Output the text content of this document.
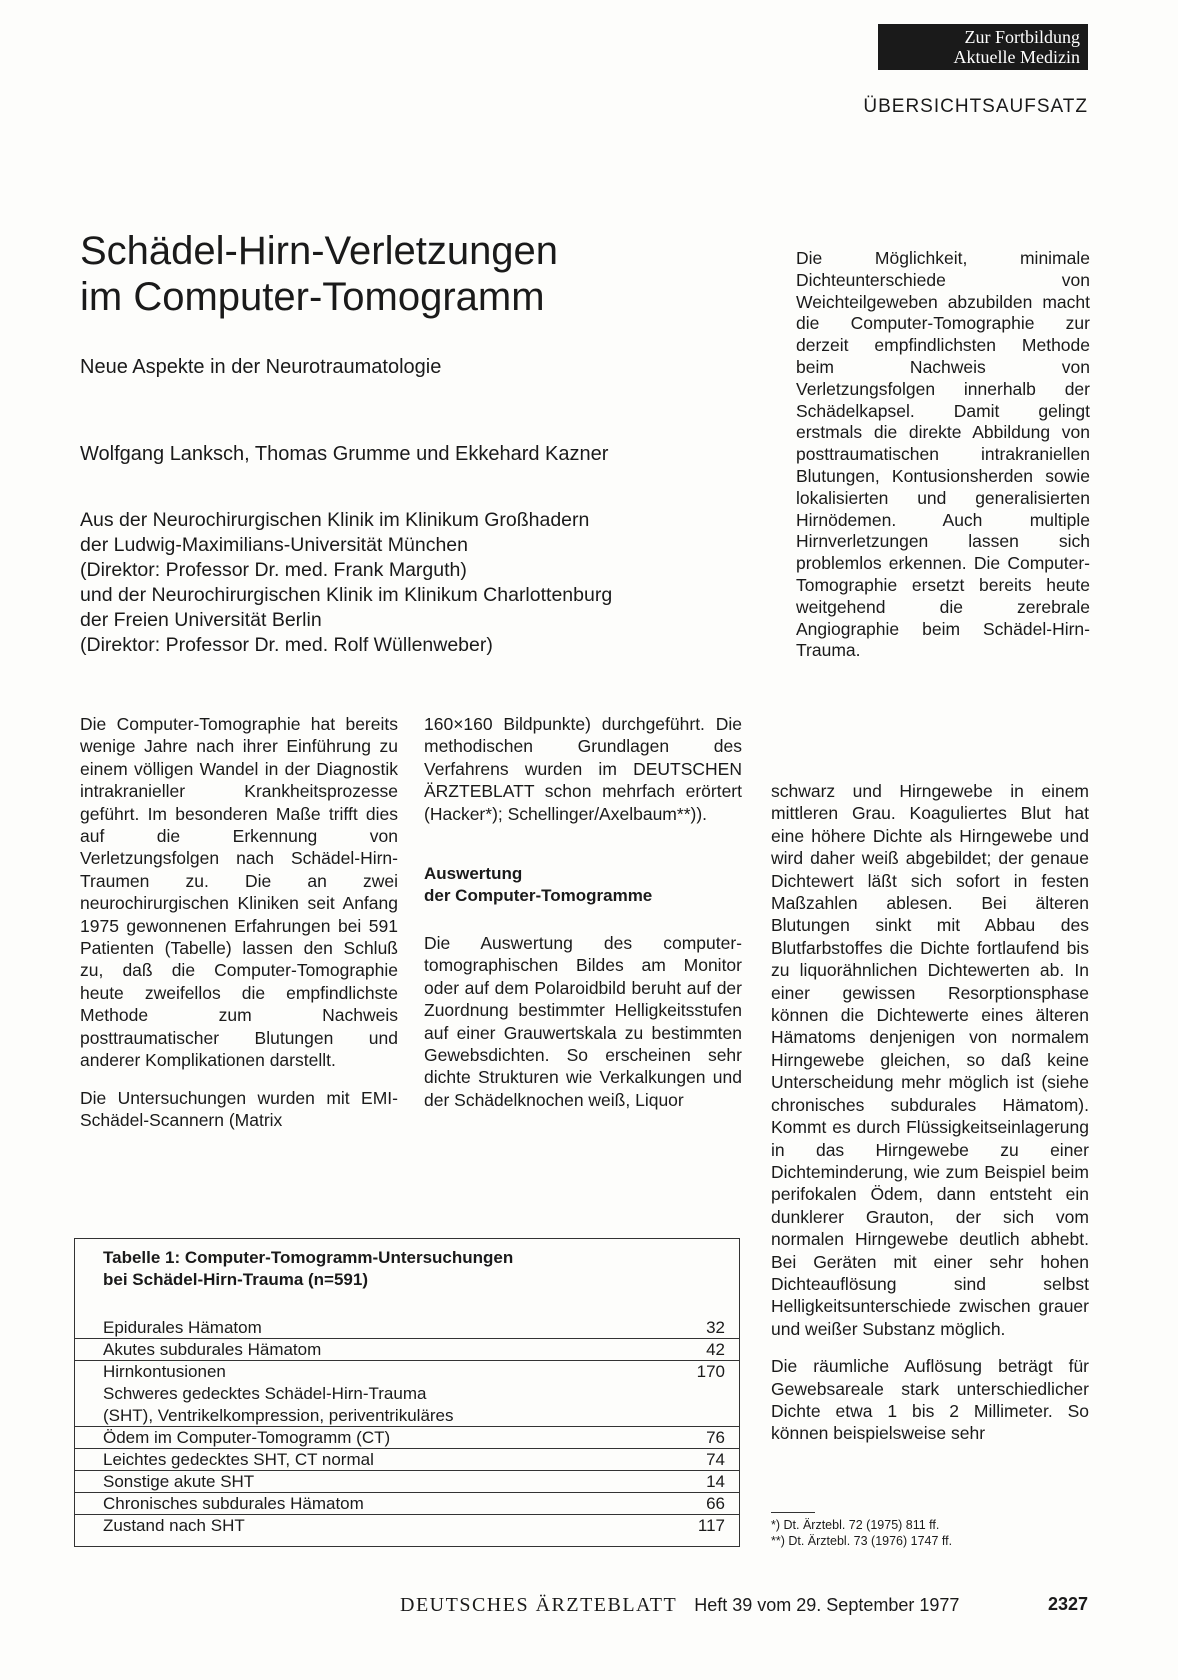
Zur Fortbildung
Aktuelle Medizin
ÜBERSICHTSAUFSATZ
Schädel-Hirn-Verletzungen
im Computer-Tomogramm
Neue Aspekte in der Neurotraumatologie
Wolfgang Lanksch, Thomas Grumme und Ekkehard Kazner
Aus der Neurochirurgischen Klinik im Klinikum Großhadern
der Ludwig-Maximilians-Universität München
(Direktor: Professor Dr. med. Frank Marguth)
und der Neurochirurgischen Klinik im Klinikum Charlottenburg
der Freien Universität Berlin
(Direktor: Professor Dr. med. Rolf Wüllenweber)

Die Möglichkeit, minimale Dichteunterschiede von Weichteilgeweben abzubilden macht die Computer-Tomographie zur derzeit empfindlichsten Methode beim Nachweis von Verletzungsfolgen innerhalb der Schädelkapsel. Damit gelingt erstmals die direkte Abbildung von posttraumatischen intrakraniellen Blutungen, Kontusionsherden sowie lokalisierten und generalisierten Hirnödemen. Auch multiple Hirnverletzungen lassen sich problemlos erkennen. Die Computer-Tomographie ersetzt bereits heute weitgehend die zerebrale Angiographie beim Schädel-Hirn-Trauma.

Die Computer-Tomographie hat bereits wenige Jahre nach ihrer Einführung zu einem völligen Wandel in der Diagnostik intrakranieller Krankheitsprozesse geführt. Im besonderen Maße trifft dies auf die Erkennung von Verletzungsfolgen nach Schädel-Hirn-Traumen zu. Die an zwei neurochirurgischen Kliniken seit Anfang 1975 gewonnenen Erfahrungen bei 591 Patienten (Tabelle) lassen den Schluß zu, daß die Computer-Tomographie heute zweifellos die empfindlichste Methode zum Nachweis posttraumatischer Blutungen und anderer Komplikationen darstellt.

Die Untersuchungen wurden mit EMI-Schädel-Scannern (Matrix

160×160 Bildpunkte) durchgeführt. Die methodischen Grundlagen des Verfahrens wurden im DEUTSCHEN ÄRZTEBLATT schon mehrfach erörtert (Hacker*); Schellinger/Axelbaum**)).

Auswertung
der Computer-Tomogramme

Die Auswertung des computer-tomographischen Bildes am Monitor oder auf dem Polaroidbild beruht auf der Zuordnung bestimmter Helligkeitsstufen auf einer Grauwertskala zu bestimmten Gewebsdichten. So erscheinen sehr dichte Strukturen wie Verkalkungen und der Schädelknochen weiß, Liquor

schwarz und Hirngewebe in einem mittleren Grau. Koaguliertes Blut hat eine höhere Dichte als Hirngewebe und wird daher weiß abgebildet; der genaue Dichtewert läßt sich sofort in festen Maßzahlen ablesen. Bei älteren Blutungen sinkt mit Abbau des Blutfarbstoffes die Dichte fortlaufend bis zu liquorähnlichen Dichtewerten ab. In einer gewissen Resorptionsphase können die Dichtewerte eines älteren Hämatoms denjenigen von normalem Hirngewebe gleichen, so daß keine Unterscheidung mehr möglich ist (siehe chronisches subdurales Hämatom). Kommt es durch Flüssigkeitseinlagerung in das Hirngewebe zu einer Dichteminderung, wie zum Beispiel beim perifokalen Ödem, dann entsteht ein dunklerer Grauton, der sich vom normalen Hirngewebe deutlich abhebt. Bei Geräten mit einer sehr hohen Dichteauflösung sind selbst Helligkeitsunterschiede zwischen grauer und weißer Substanz möglich.

Die räumliche Auflösung beträgt für Gewebsareale stark unterschiedlicher Dichte etwa 1 bis 2 Millimeter. So können beispielsweise sehr

Tabelle 1: Computer-Tomogramm-Untersuchungen
bei Schädel-Hirn-Trauma (n=591)
Epidurales Hämatom	32
Akutes subdurales Hämatom	42
Hirnkontusionen	170
Schweres gedecktes Schädel-Hirn-Trauma
(SHT), Ventrikelkompression, periventrikuläres
Ödem im Computer-Tomogramm (CT)	76
Leichtes gedecktes SHT, CT normal	74
Sonstige akute SHT	14
Chronisches subdurales Hämatom	66
Zustand nach SHT	117	*) Dt. Ärztebl. 72 (1975) 811 ff.
**) Dt. Ärztebl. 73 (1976) 1747 ff.
DEUTSCHES ÄRZTEBLATT Heft 39 vom 29. September 1977	2327
